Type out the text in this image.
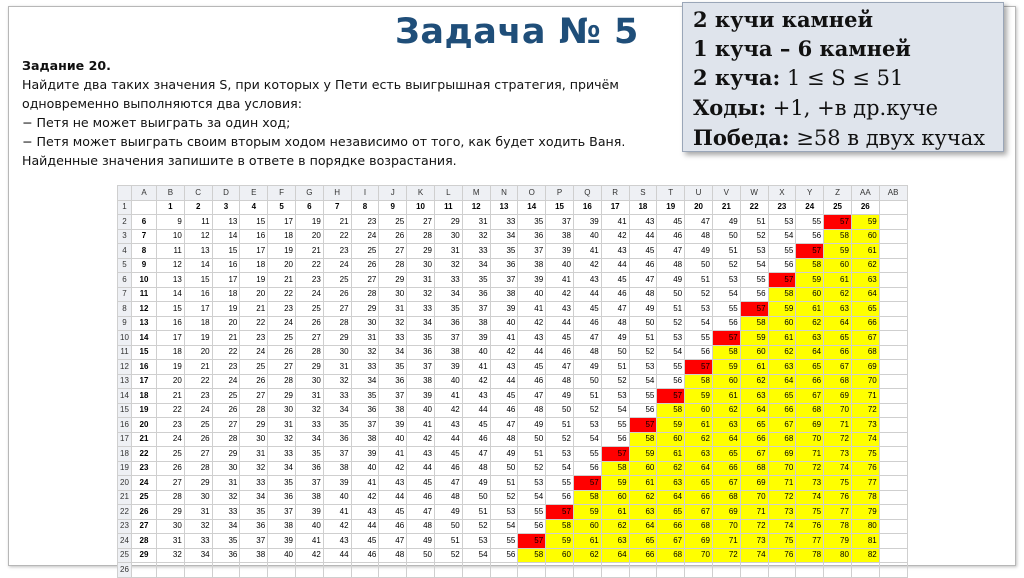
Задача № 5	2 кучи камней
1 куча – 6 камней
2 куча: 1 ≤ S ≤ 51
Ходы: +1, +в др.куче
Победа: ≥58 в двух кучах
Задание 20.
Найдите два таких значения S, при которых у Пети есть выигрышная стратегия, причём
одновременно выполняются два условия:
− Петя не может выиграть за один ход;
− Петя может выиграть своим вторым ходом независимо от того, как будет ходить Ваня.
Найденные значения запишите в ответе в порядке возрастания.
	A	B	C	D	E	F	G	H	I	J	K	L	M	N	O	P	Q	R	S	T	U	V	W	X	Y	Z	AA	AB
1		1	2	3	4	5	6	7	8	9	10	11	12	13	14	15	16	17	18	19	20	21	22	23	24	25	26	
2	6	9	11	13	15	17	19	21	23	25	27	29	31	33	35	37	39	41	43	45	47	49	51	53	55	57	59	
3	7	10	12	14	16	18	20	22	24	26	28	30	32	34	36	38	40	42	44	46	48	50	52	54	56	58	60	
4	8	11	13	15	17	19	21	23	25	27	29	31	33	35	37	39	41	43	45	47	49	51	53	55	57	59	61	
5	9	12	14	16	18	20	22	24	26	28	30	32	34	36	38	40	42	44	46	48	50	52	54	56	58	60	62	
6	10	13	15	17	19	21	23	25	27	29	31	33	35	37	39	41	43	45	47	49	51	53	55	57	59	61	63	
7	11	14	16	18	20	22	24	26	28	30	32	34	36	38	40	42	44	46	48	50	52	54	56	58	60	62	64	
8	12	15	17	19	21	23	25	27	29	31	33	35	37	39	41	43	45	47	49	51	53	55	57	59	61	63	65	
9	13	16	18	20	22	24	26	28	30	32	34	36	38	40	42	44	46	48	50	52	54	56	58	60	62	64	66	
10	14	17	19	21	23	25	27	29	31	33	35	37	39	41	43	45	47	49	51	53	55	57	59	61	63	65	67	
11	15	18	20	22	24	26	28	30	32	34	36	38	40	42	44	46	48	50	52	54	56	58	60	62	64	66	68	
12	16	19	21	23	25	27	29	31	33	35	37	39	41	43	45	47	49	51	53	55	57	59	61	63	65	67	69	
13	17	20	22	24	26	28	30	32	34	36	38	40	42	44	46	48	50	52	54	56	58	60	62	64	66	68	70	
14	18	21	23	25	27	29	31	33	35	37	39	41	43	45	47	49	51	53	55	57	59	61	63	65	67	69	71	
15	19	22	24	26	28	30	32	34	36	38	40	42	44	46	48	50	52	54	56	58	60	62	64	66	68	70	72	
16	20	23	25	27	29	31	33	35	37	39	41	43	45	47	49	51	53	55	57	59	61	63	65	67	69	71	73	
17	21	24	26	28	30	32	34	36	38	40	42	44	46	48	50	52	54	56	58	60	62	64	66	68	70	72	74	
18	22	25	27	29	31	33	35	37	39	41	43	45	47	49	51	53	55	57	59	61	63	65	67	69	71	73	75	
19	23	26	28	30	32	34	36	38	40	42	44	46	48	50	52	54	56	58	60	62	64	66	68	70	72	74	76	
20	24	27	29	31	33	35	37	39	41	43	45	47	49	51	53	55	57	59	61	63	65	67	69	71	73	75	77	
21	25	28	30	32	34	36	38	40	42	44	46	48	50	52	54	56	58	60	62	64	66	68	70	72	74	76	78	
22	26	29	31	33	35	37	39	41	43	45	47	49	51	53	55	57	59	61	63	65	67	69	71	73	75	77	79	
23	27	30	32	34	36	38	40	42	44	46	48	50	52	54	56	58	60	62	64	66	68	70	72	74	76	78	80	
24	28	31	33	35	37	39	41	43	45	47	49	51	53	55	57	59	61	63	65	67	69	71	73	75	77	79	81	
25	29	32	34	36	38	40	42	44	46	48	50	52	54	56	58	60	62	64	66	68	70	72	74	76	78	80	82	
26																												
